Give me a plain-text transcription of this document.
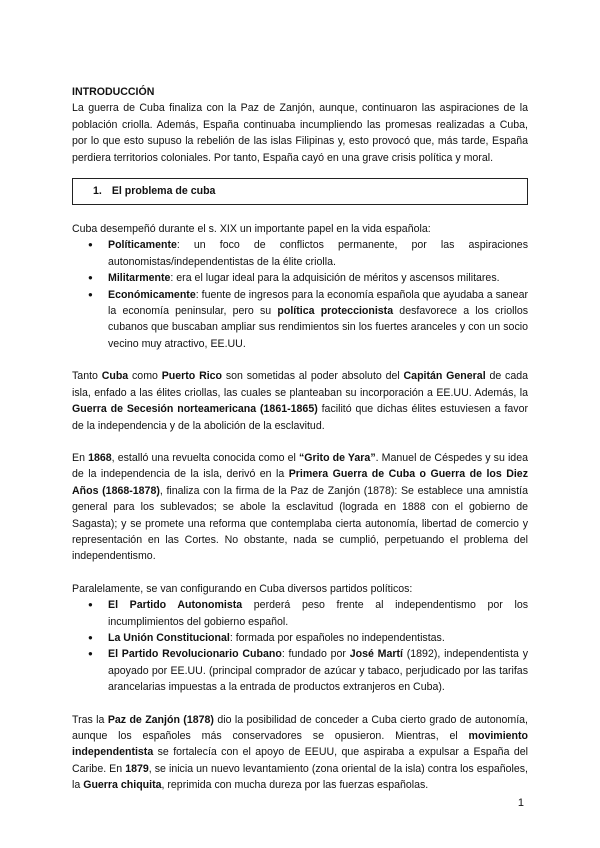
INTRODUCCIÓN

La guerra de Cuba finaliza con la Paz de Zanjón, aunque, continuaron las aspiraciones de la población criolla. Además, España continuaba incumpliendo las promesas realizadas a Cuba, por lo que esto supuso la rebelión de las islas Filipinas y, esto provocó que, más tarde, España perdiera territorios coloniales. Por tanto, España cayó en una grave crisis política y moral.

1. El problema de cuba

Cuba desempeñó durante el s. XIX un importante papel en la vida española:

● Políticamente: un foco de conflictos permanente, por las aspiraciones autonomistas/independentistas de la élite criolla.
● Militarmente: era el lugar ideal para la adquisición de méritos y ascensos militares.
● Económicamente: fuente de ingresos para la economía española que ayudaba a sanear la economía peninsular, pero su política proteccionista desfavorece a los criollos cubanos que buscaban ampliar sus rendimientos sin los fuertes aranceles y con un socio vecino muy atractivo, EE.UU.

Tanto Cuba como Puerto Rico son sometidas al poder absoluto del Capitán General de cada isla, enfado a las élites criollas, las cuales se planteaban su incorporación a EE.UU. Además, la Guerra de Secesión norteamericana (1861-1865) facilitó que dichas élites estuviesen a favor de la independencia y de la abolición de la esclavitud.

En 1868, estalló una revuelta conocida como el “Grito de Yara”. Manuel de Céspedes y su idea de la independencia de la isla, derivó en la Primera Guerra de Cuba o Guerra de los Diez Años (1868-1878), finaliza con la firma de la Paz de Zanjón (1878): Se establece una amnistía general para los sublevados; se abole la esclavitud (lograda en 1888 con el gobierno de Sagasta); y se promete una reforma que contemplaba cierta autonomía, libertad de comercio y representación en las Cortes. No obstante, nada se cumplió, perpetuando el problema del independentismo.

Paralelamente, se van configurando en Cuba diversos partidos políticos:

● El Partido Autonomista perderá peso frente al independentismo por los incumplimientos del gobierno español.
● La Unión Constitucional: formada por españoles no independentistas.
● El Partido Revolucionario Cubano: fundado por José Martí (1892), independentista y apoyado por EE.UU. (principal comprador de azúcar y tabaco, perjudicado por las tarifas arancelarias impuestas a la entrada de productos extranjeros en Cuba).

Tras la Paz de Zanjón (1878) dio la posibilidad de conceder a Cuba cierto grado de autonomía, aunque los españoles más conservadores se opusieron. Mientras, el movimiento independentista se fortalecía con el apoyo de EEUU, que aspiraba a expulsar a España del Caribe. En 1879, se inicia un nuevo levantamiento (zona oriental de la isla) contra los españoles, la Guerra chiquita, reprimida con mucha dureza por las fuerzas españolas.

1
